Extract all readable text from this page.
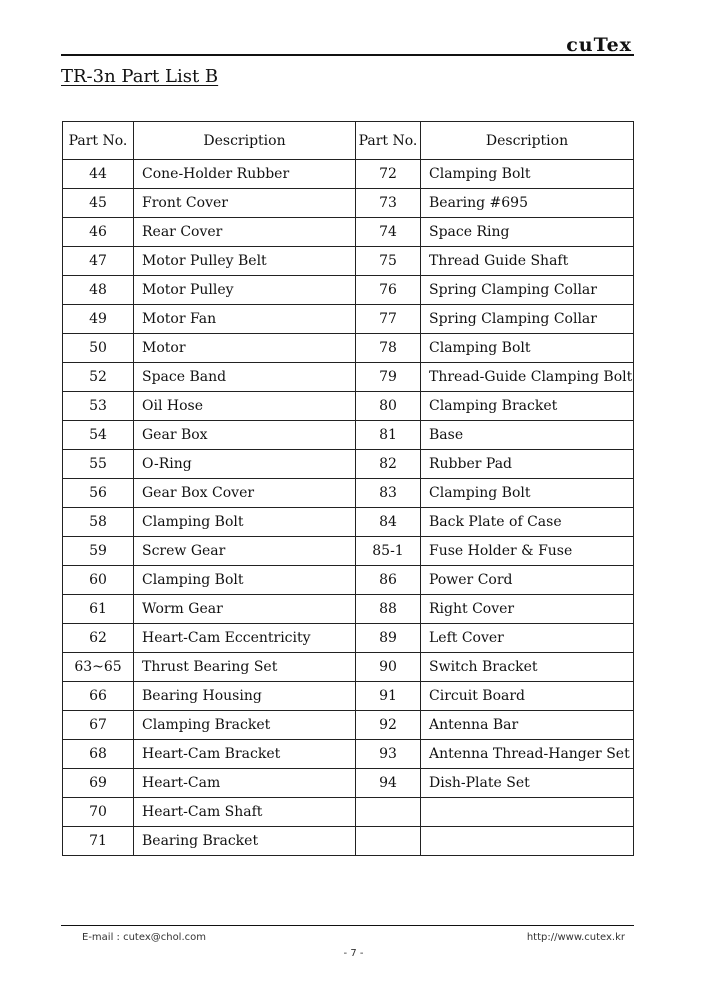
cuTex
TR-3n Part List B
Part No.	Description	Part No.	Description
44	Cone-Holder Rubber	72	Clamping Bolt
45	Front Cover	73	Bearing #695
46	Rear Cover	74	Space Ring
47	Motor Pulley Belt	75	Thread Guide Shaft
48	Motor Pulley	76	Spring Clamping Collar
49	Motor Fan	77	Spring Clamping Collar
50	Motor	78	Clamping Bolt
52	Space Band	79	Thread-Guide Clamping Bolt
53	Oil Hose	80	Clamping Bracket
54	Gear Box	81	Base
55	O-Ring	82	Rubber Pad
56	Gear Box Cover	83	Clamping Bolt
58	Clamping Bolt	84	Back Plate of Case
59	Screw Gear	85-1	Fuse Holder & Fuse
60	Clamping Bolt	86	Power Cord
61	Worm Gear	88	Right Cover
62	Heart-Cam Eccentricity	89	Left Cover
63~65	Thrust Bearing Set	90	Switch Bracket
66	Bearing Housing	91	Circuit Board
67	Clamping Bracket	92	Antenna Bar
68	Heart-Cam Bracket	93	Antenna Thread-Hanger Set
69	Heart-Cam	94	Dish-Plate Set
70	Heart-Cam Shaft		
71	Bearing Bracket		
E-mail : cutex@chol.com	http://www.cutex.kr
- 7 -
